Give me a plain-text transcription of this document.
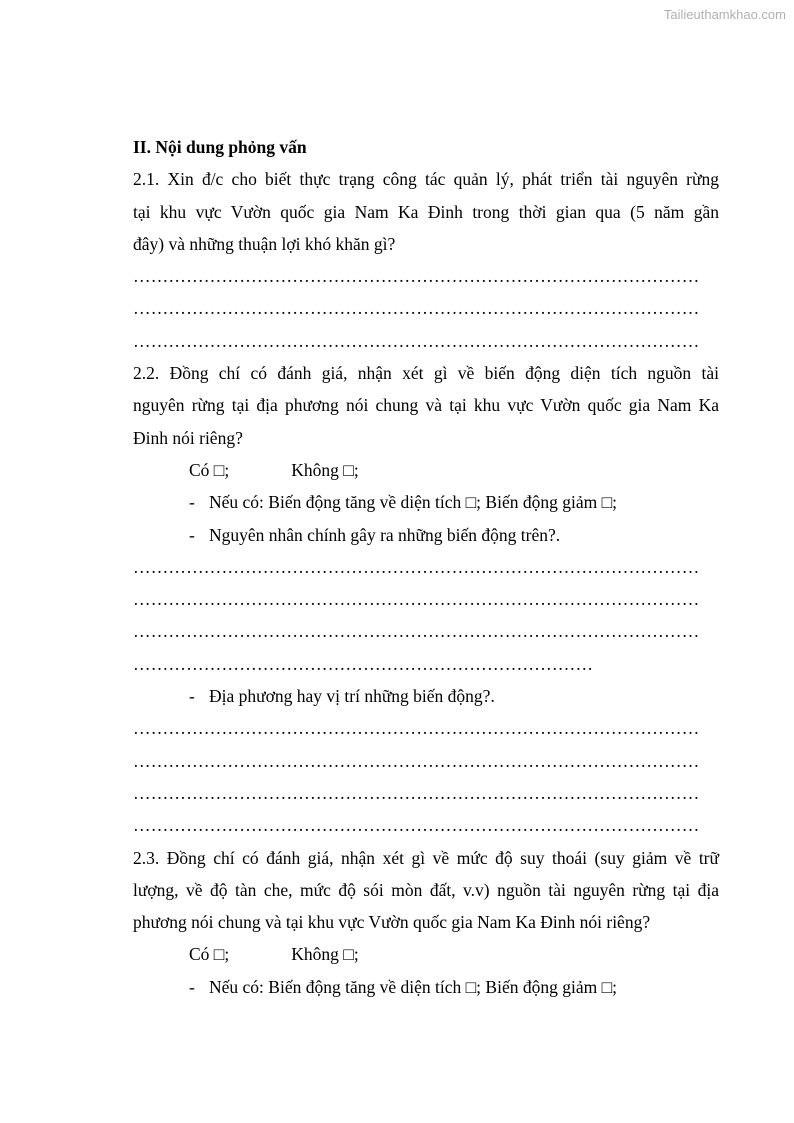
Tailieuthamkhao.com
II. Nội dung phỏng vấn
2.1. Xin đ/c cho biết thực trạng công tác quản lý, phát triển tài nguyên rừng
tại khu vực Vườn quốc gia Nam Ka Đinh trong thời gian qua (5 năm gần
đây) và những thuận lợi khó khăn gì?
……………………………………………………………………………………
……………………………………………………………………………………
……………………………………………………………………………………
2.2. Đồng chí có đánh giá, nhận xét gì về biến động diện tích nguồn tài
nguyên rừng tại địa phương nói chung và tại khu vực Vườn quốc gia Nam Ka
Đinh nói riêng?
Có □;	Không □;
- Nếu có: Biến động tăng về diện tích □; Biến động giảm □;
- Nguyên nhân chính gây ra những biến động trên?.
……………………………………………………………………………………
……………………………………………………………………………………
……………………………………………………………………………………
……………………………………………………………………
- Địa phương hay vị trí những biến động?.
……………………………………………………………………………………
……………………………………………………………………………………
……………………………………………………………………………………
……………………………………………………………………………………
2.3. Đồng chí có đánh giá, nhận xét gì về mức độ suy thoái (suy giảm về trữ
lượng, về độ tàn che, mức độ sói mòn đất, v.v) nguồn tài nguyên rừng tại địa
phương nói chung và tại khu vực Vườn quốc gia Nam Ka Đinh nói riêng?
Có □;	Không □;
- Nếu có: Biến động tăng về diện tích □; Biến động giảm □;
